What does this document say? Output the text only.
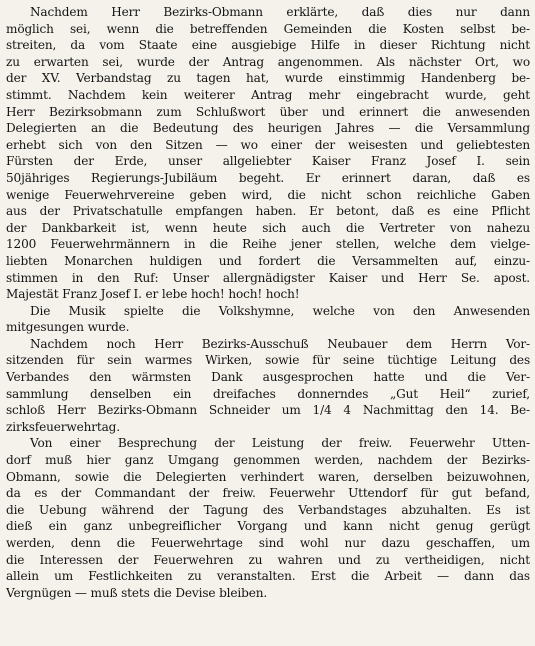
Nachdem Herr Bezirks-Obmann erklärte, daß dies nur dann
möglich sei, wenn die betreffenden Gemeinden die Kosten selbst be-
streiten, da vom Staate eine ausgiebige Hilfe in dieser Richtung nicht
zu erwarten sei, wurde der Antrag angenommen. Als nächster Ort, wo
der XV. Verbandstag zu tagen hat, wurde einstimmig Handenberg be-
stimmt. Nachdem kein weiterer Antrag mehr eingebracht wurde, geht
Herr Bezirksobmann zum Schlußwort über und erinnert die anwesenden
Delegierten an die Bedeutung des heurigen Jahres — die Versammlung
erhebt sich von den Sitzen — wo einer der weisesten und geliebtesten
Fürsten der Erde, unser allgeliebter Kaiser Franz Josef I. sein
50jähriges Regierungs-Jubiläum begeht. Er erinnert daran, daß es
wenige Feuerwehrvereine geben wird, die nicht schon reichliche Gaben
aus der Privatschatulle empfangen haben. Er betont, daß es eine Pflicht
der Dankbarkeit ist, wenn heute sich auch die Vertreter von nahezu
1200 Feuerwehrmännern in die Reihe jener stellen, welche dem vielge-
liebten Monarchen huldigen und fordert die Versammelten auf, einzu-
stimmen in den Ruf: Unser allergnädigster Kaiser und Herr Se. apost.
Majestät Franz Josef I. er lebe hoch! hoch! hoch!
Die Musik spielte die Volkshymne, welche von den Anwesenden
mitgesungen wurde.
Nachdem noch Herr Bezirks-Ausschuß Neubauer dem Herrn Vor-
sitzenden für sein warmes Wirken, sowie für seine tüchtige Leitung des
Verbandes den wärmsten Dank ausgesprochen hatte und die Ver-
sammlung denselben ein dreifaches donnerndes „Gut Heil“ zurief,
schloß Herr Bezirks-Obmann Schneider um 1/4 4 Nachmittag den 14. Be-
zirksfeuerwehrtag.
Von einer Besprechung der Leistung der freiw. Feuerwehr Utten-
dorf muß hier ganz Umgang genommen werden, nachdem der Bezirks-
Obmann, sowie die Delegierten verhindert waren, derselben beizuwohnen,
da es der Commandant der freiw. Feuerwehr Uttendorf für gut befand,
die Uebung während der Tagung des Verbandstages abzuhalten. Es ist
dieß ein ganz unbegreiflicher Vorgang und kann nicht genug gerügt
werden, denn die Feuerwehrtage sind wohl nur dazu geschaffen, um
die Interessen der Feuerwehren zu wahren und zu vertheidigen, nicht
allein um Festlichkeiten zu veranstalten. Erst die Arbeit — dann das
Vergnügen — muß stets die Devise bleiben.
